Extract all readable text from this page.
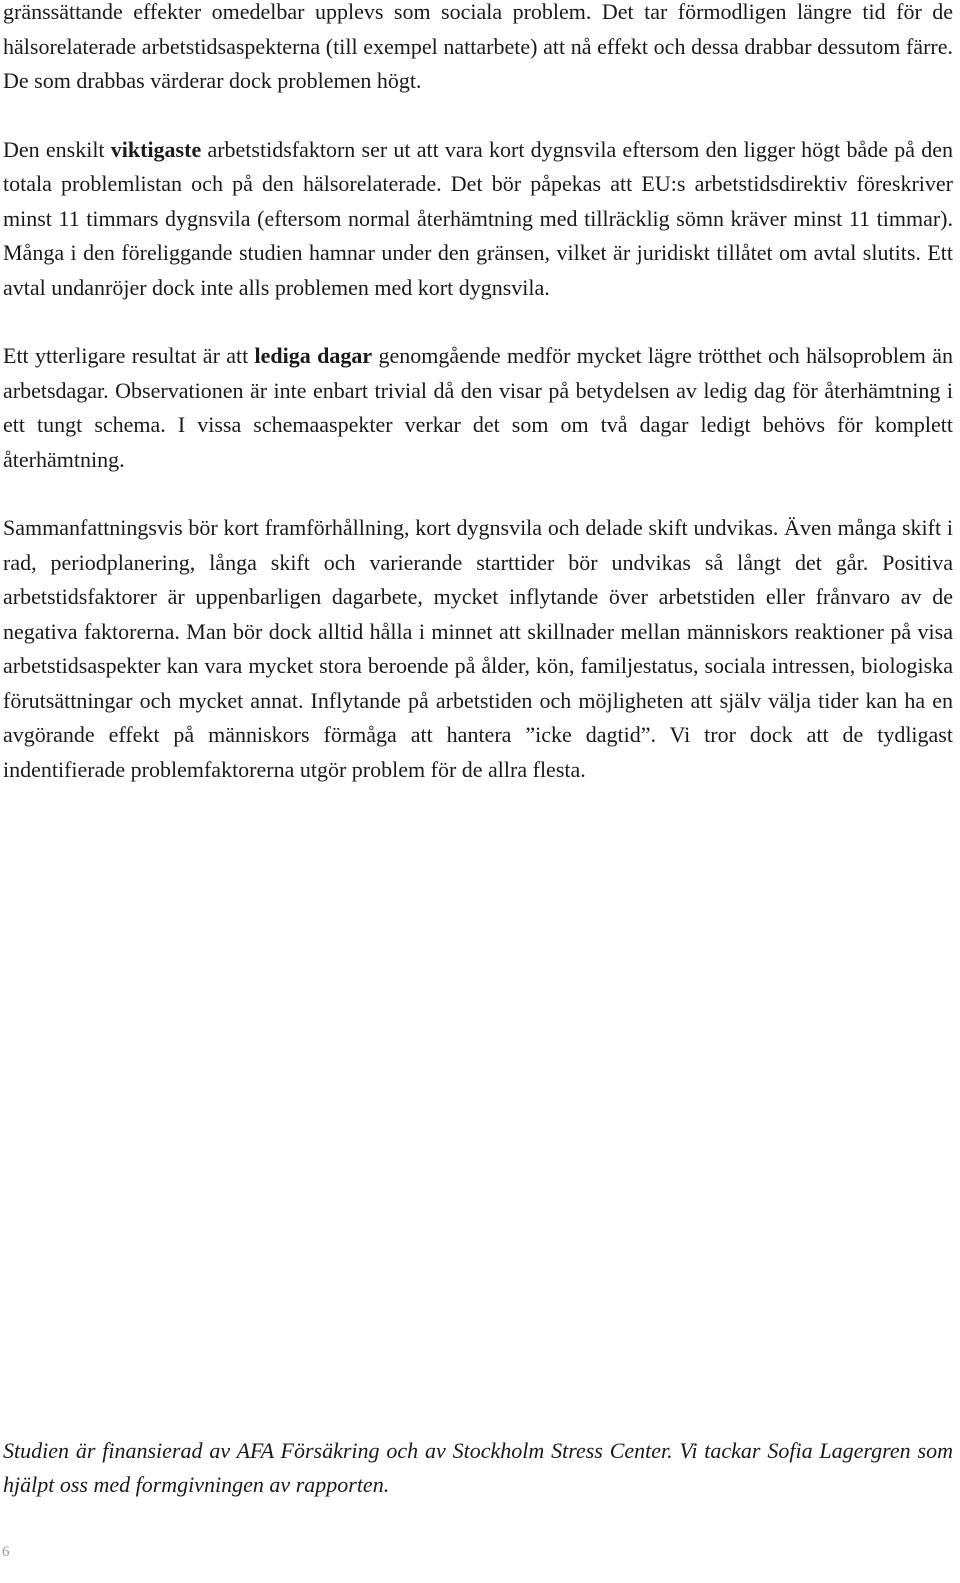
gränssättande effekter omedelbar upplevs som sociala problem. Det tar förmodligen längre tid för de hälsorelaterade arbetstidsaspekterna (till exempel nattarbete) att nå effekt och dessa drabbar dessutom färre. De som drabbas värderar dock problemen högt.

Den enskilt viktigaste arbetstidsfaktorn ser ut att vara kort dygnsvila eftersom den ligger högt både på den totala problemlistan och på den hälsorelaterade. Det bör påpekas att EU:s arbetstidsdirektiv föreskriver minst 11 timmars dygnsvila (eftersom normal återhämtning med tillräcklig sömn kräver minst 11 timmar). Många i den föreliggande studien hamnar under den gränsen, vilket är juridiskt tillåtet om avtal slutits. Ett avtal undanröjer dock inte alls problemen med kort dygnsvila.

Ett ytterligare resultat är att lediga dagar genomgående medför mycket lägre trötthet och hälsoproblem än arbetsdagar. Observationen är inte enbart trivial då den visar på betydelsen av ledig dag för återhämtning i ett tungt schema. I vissa schemaaspekter verkar det som om två dagar ledigt behövs för komplett återhämtning.

Sammanfattningsvis bör kort framförhållning, kort dygnsvila och delade skift undvikas. Även många skift i rad, periodplanering, långa skift och varierande starttider bör undvikas så långt det går. Positiva arbetstidsfaktorer är uppenbarligen dagarbete, mycket inflytande över arbetstiden eller frånvaro av de negativa faktorerna. Man bör dock alltid hålla i minnet att skillnader mellan människors reaktioner på visa arbetstidsaspekter kan vara mycket stora beroende på ålder, kön, familjestatus, sociala intressen, biologiska förutsättningar och mycket annat. Inflytande på arbetstiden och möjligheten att själv välja tider kan ha en avgörande effekt på människors förmåga att hantera ”icke dagtid”. Vi tror dock att de tydligast indentifierade problemfaktorerna utgör problem för de allra flesta.

Studien är finansierad av AFA Försäkring och av Stockholm Stress Center. Vi tackar Sofia Lagergren som hjälpt oss med formgivningen av rapporten.

6
